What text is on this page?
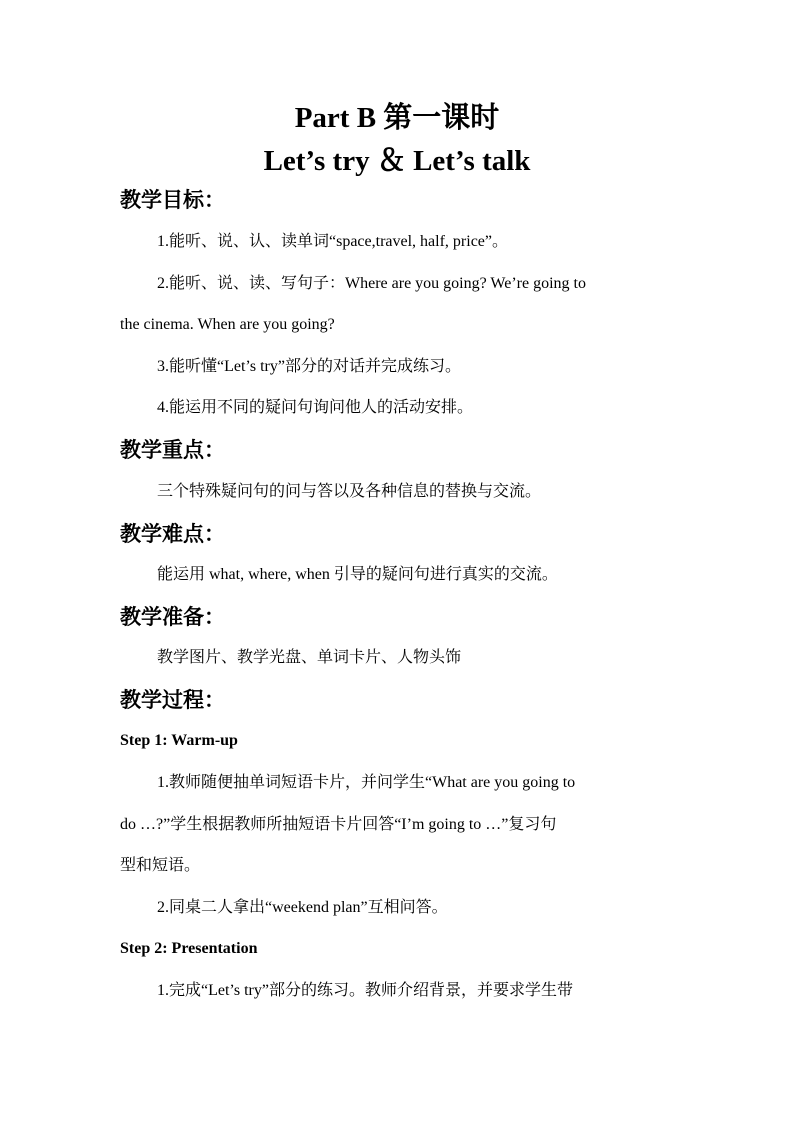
Part B 第一课时
Let’s try ＆ Let’s talk
教学目标：
1.能听、说、认、读单词“space,travel, half, price”。
2.能听、说、读、写句子：Where are you going? We’re going to
the cinema. When are you going?
3.能听懂“Let’s try”部分的对话并完成练习。
4.能运用不同的疑问句询问他人的活动安排。
教学重点：
三个特殊疑问句的问与答以及各种信息的替换与交流。
教学难点：
能运用 what, where, when 引导的疑问句进行真实的交流。
教学准备：
教学图片、教学光盘、单词卡片、人物头饰
教学过程：
Step 1: Warm-up
1.教师随便抽单词短语卡片，并问学生“What are you going to
do …?”学生根据教师所抽短语卡片回答“I’m going to …”复习句
型和短语。
2.同桌二人拿出“weekend plan”互相问答。
Step 2: Presentation
1.完成“Let’s try”部分的练习。教师介绍背景，并要求学生带
